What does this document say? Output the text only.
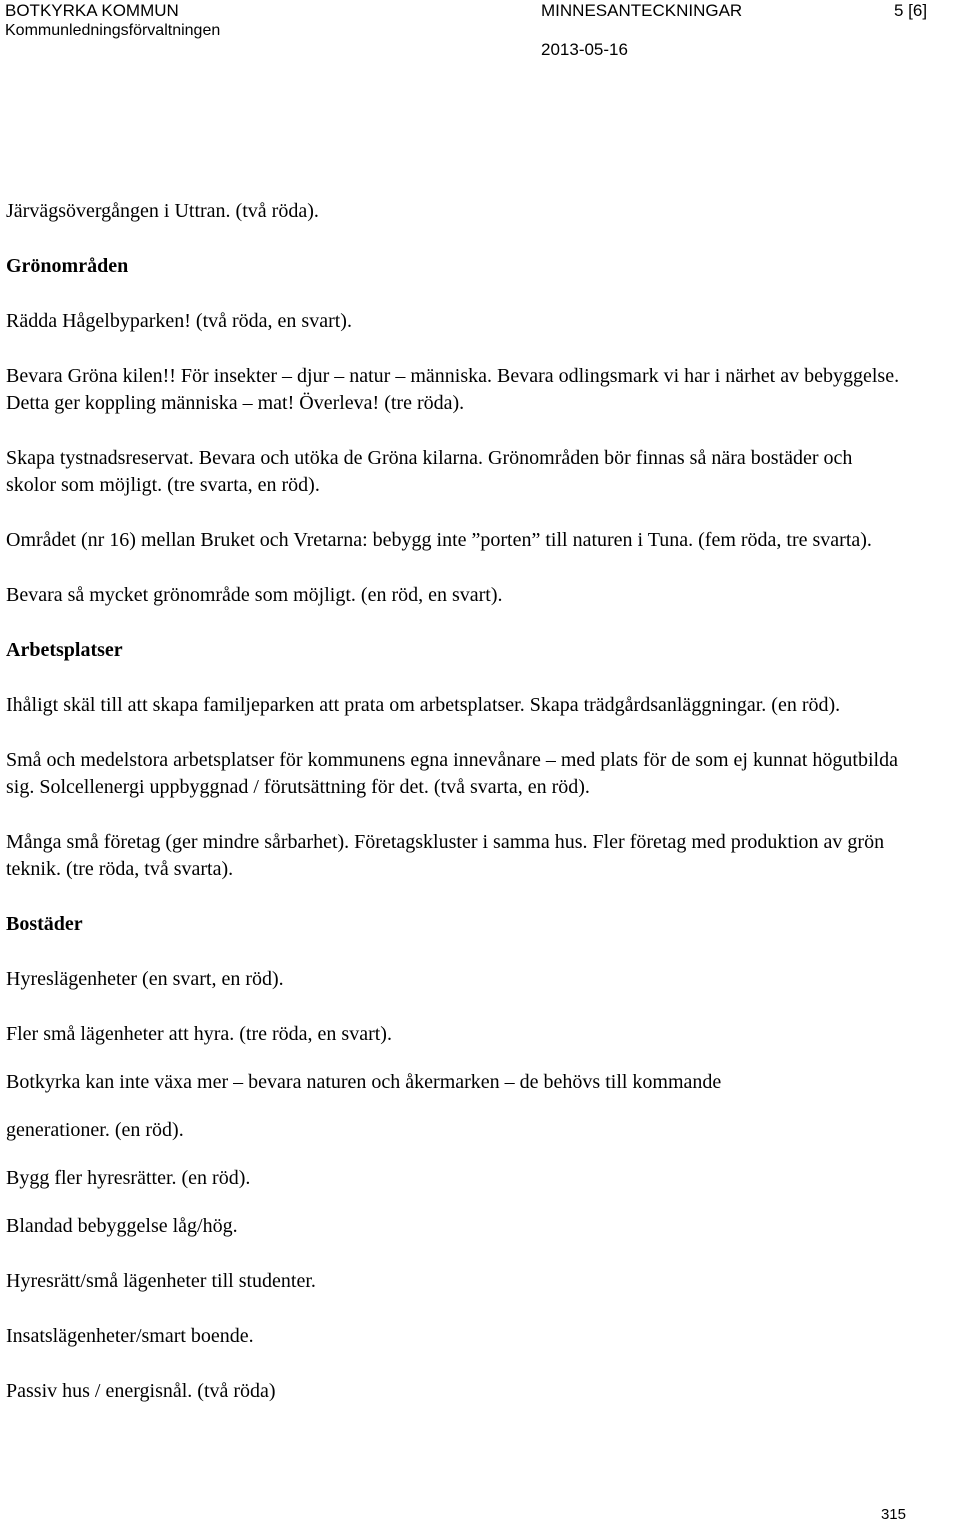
BOTKYRKA KOMMUN
Kommunledningsförvaltningen
MINNESANTECKNINGAR	5 [6]
2013-05-16

Järvägsövergången i Uttran. (två röda).

Grönområden

Rädda Hågelbyparken! (två röda, en svart).

Bevara Gröna kilen!! För insekter – djur – natur – människa. Bevara odlingsmark vi har i närhet av bebyggelse. Detta ger koppling människa – mat! Överleva! (tre röda).

Skapa tystnadsreservat. Bevara och utöka de Gröna kilarna. Grönområden bör finnas så nära bostäder och skolor som möjligt. (tre svarta, en röd).

Området (nr 16) mellan Bruket och Vretarna: bebygg inte ”porten” till naturen i Tuna. (fem röda, tre svarta).

Bevara så mycket grönområde som möjligt. (en röd, en svart).

Arbetsplatser

Ihåligt skäl till att skapa familjeparken att prata om arbetsplatser. Skapa trädgårdsanläggningar. (en röd).

Små och medelstora arbetsplatser för kommunens egna innevånare – med plats för de som ej kunnat högutbilda sig. Solcellenergi uppbyggnad / förutsättning för det. (två svarta, en röd).

Många små företag (ger mindre sårbarhet). Företagskluster i samma hus. Fler företag med produktion av grön teknik. (tre röda, två svarta).

Bostäder

Hyreslägenheter (en svart, en röd).

Fler små lägenheter att hyra. (tre röda, en svart).

Botkyrka kan inte växa mer – bevara naturen och åkermarken – de behövs till kommande

generationer. (en röd).

Bygg fler hyresrätter. (en röd).

Blandad bebyggelse låg/hög.

Hyresrätt/små lägenheter till studenter.

Insatslägenheter/smart boende.

Passiv hus / energisnål. (två röda)

315
